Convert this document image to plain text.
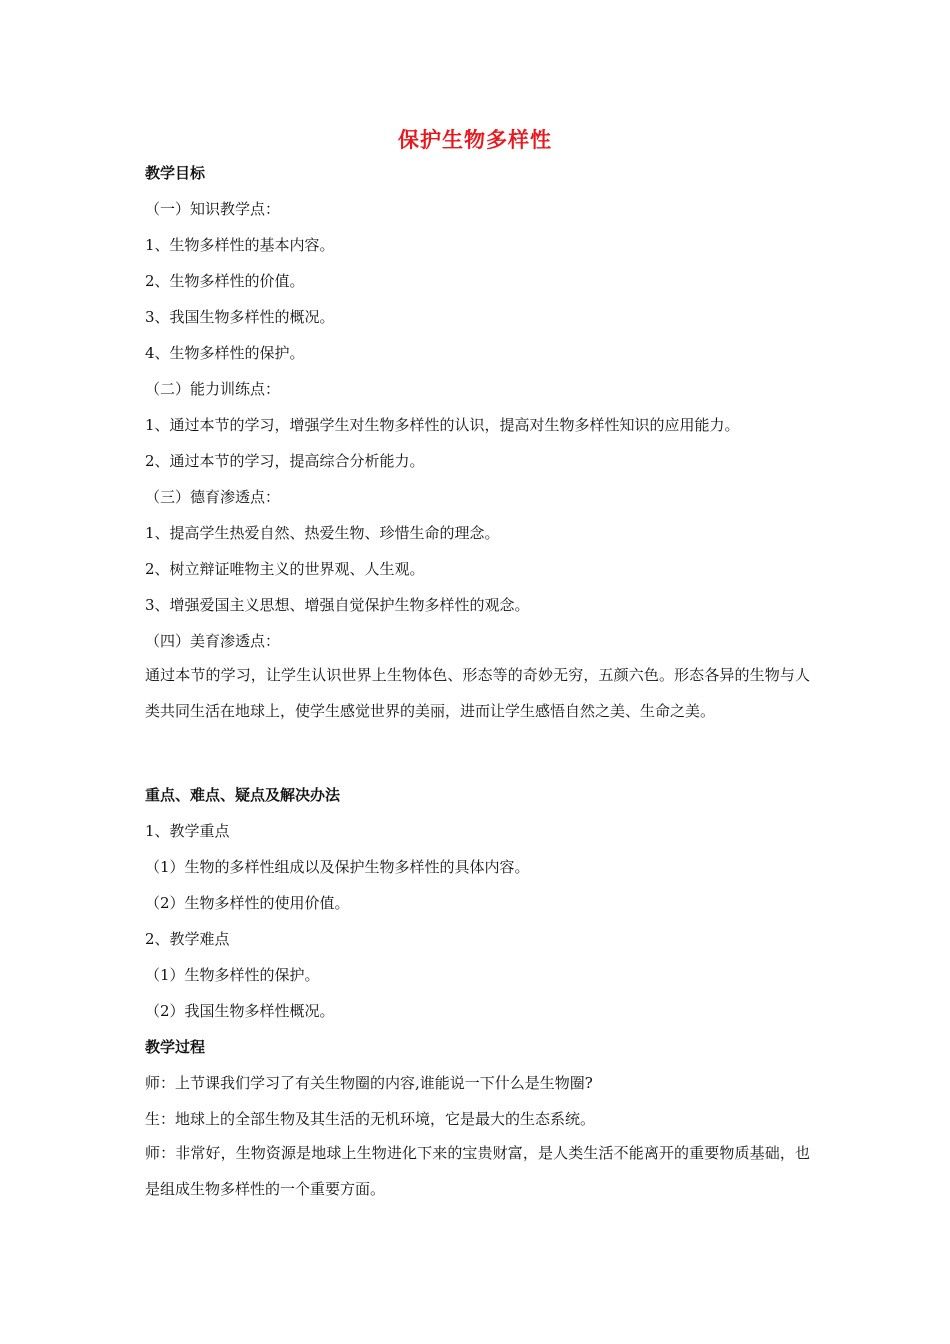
保护生物多样性
教学目标
（一）知识教学点：
1、生物多样性的基本内容。
2、生物多样性的价值。
3、我国生物多样性的概况。
4、生物多样性的保护。
（二）能力训练点：
1、通过本节的学习，增强学生对生物多样性的认识，提高对生物多样性知识的应用能力。
2、通过本节的学习，提高综合分析能力。
（三）德育渗透点：
1、提高学生热爱自然、热爱生物、珍惜生命的理念。
2、树立辩证唯物主义的世界观、人生观。
3、增强爱国主义思想、增强自觉保护生物多样性的观念。
（四）美育渗透点：
通过本节的学习，让学生认识世界上生物体色、形态等的奇妙无穷，五颜六色。形态各异的生物与人类共同生活在地球上，使学生感觉世界的美丽，进而让学生感悟自然之美、生命之美。
重点、难点、疑点及解决办法
1、教学重点
（1）生物的多样性组成以及保护生物多样性的具体内容。
（2）生物多样性的使用价值。
2、教学难点
（1）生物多样性的保护。
（2）我国生物多样性概况。
教学过程
师：上节课我们学习了有关生物圈的内容,谁能说一下什么是生物圈?
生：地球上的全部生物及其生活的无机环境，它是最大的生态系统。
师：非常好，生物资源是地球上生物进化下来的宝贵财富，是人类生活不能离开的重要物质基础，也是组成生物多样性的一个重要方面。
